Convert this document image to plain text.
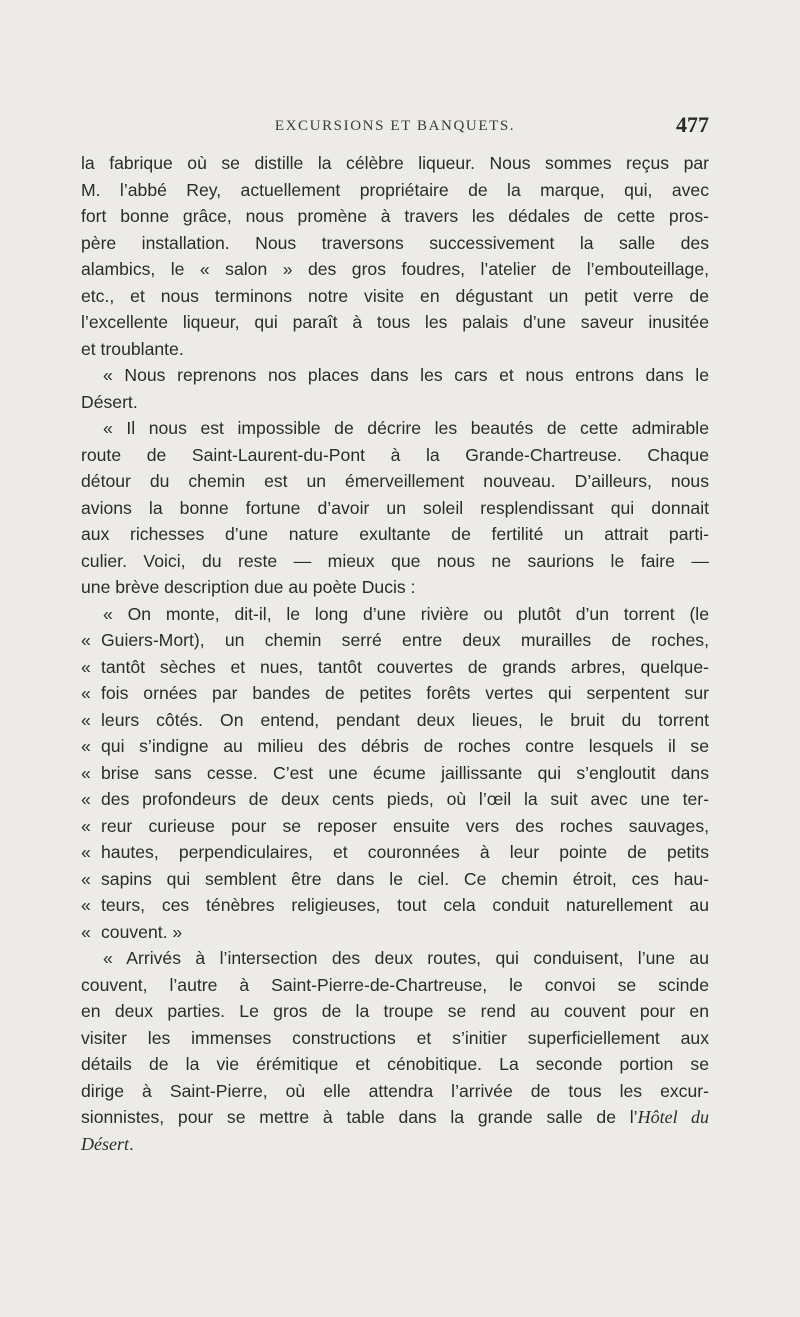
EXCURSIONS ET BANQUETS.	477
la fabrique où se distille la célèbre liqueur. Nous sommes reçus par
M. l’abbé Rey, actuellement propriétaire de la marque, qui, avec
fort bonne grâce, nous promène à travers les dédales de cette pros-
père installation. Nous traversons successivement la salle des
alambics, le « salon » des gros foudres, l’atelier de l’embouteillage,
etc., et nous terminons notre visite en dégustant un petit verre de
l’excellente liqueur, qui paraît à tous les palais d’une saveur inusitée
et troublante.
« Nous reprenons nos places dans les cars et nous entrons dans le
Désert.
« Il nous est impossible de décrire les beautés de cette admirable
route de Saint-Laurent-du-Pont à la Grande-Chartreuse. Chaque
détour du chemin est un émerveillement nouveau. D’ailleurs, nous
avions la bonne fortune d’avoir un soleil resplendissant qui donnait
aux richesses d’une nature exultante de fertilité un attrait parti-
culier. Voici, du reste — mieux que nous ne saurions le faire —
une brève description due au poète Ducis :
« On monte, dit-il, le long d’une rivière ou plutôt d’un torrent (le
« Guiers-Mort), un chemin serré entre deux murailles de roches,
« tantôt sèches et nues, tantôt couvertes de grands arbres, quelque-
« fois ornées par bandes de petites forêts vertes qui serpentent sur
« leurs côtés. On entend, pendant deux lieues, le bruit du torrent
« qui s’indigne au milieu des débris de roches contre lesquels il se
« brise sans cesse. C’est une écume jaillissante qui s’engloutit dans
« des profondeurs de deux cents pieds, où l’œil la suit avec une ter-
« reur curieuse pour se reposer ensuite vers des roches sauvages,
« hautes, perpendiculaires, et couronnées à leur pointe de petits
« sapins qui semblent être dans le ciel. Ce chemin étroit, ces hau-
« teurs, ces ténèbres religieuses, tout cela conduit naturellement au
« couvent. »
« Arrivés à l’intersection des deux routes, qui conduisent, l’une au
couvent, l’autre à Saint-Pierre-de-Chartreuse, le convoi se scinde
en deux parties. Le gros de la troupe se rend au couvent pour en
visiter les immenses constructions et s’initier superficiellement aux
détails de la vie érémitique et cénobitique. La seconde portion se
dirige à Saint-Pierre, où elle attendra l’arrivée de tous les excur-
sionnistes, pour se mettre à table dans la grande salle de l’Hôtel du
Désert.
